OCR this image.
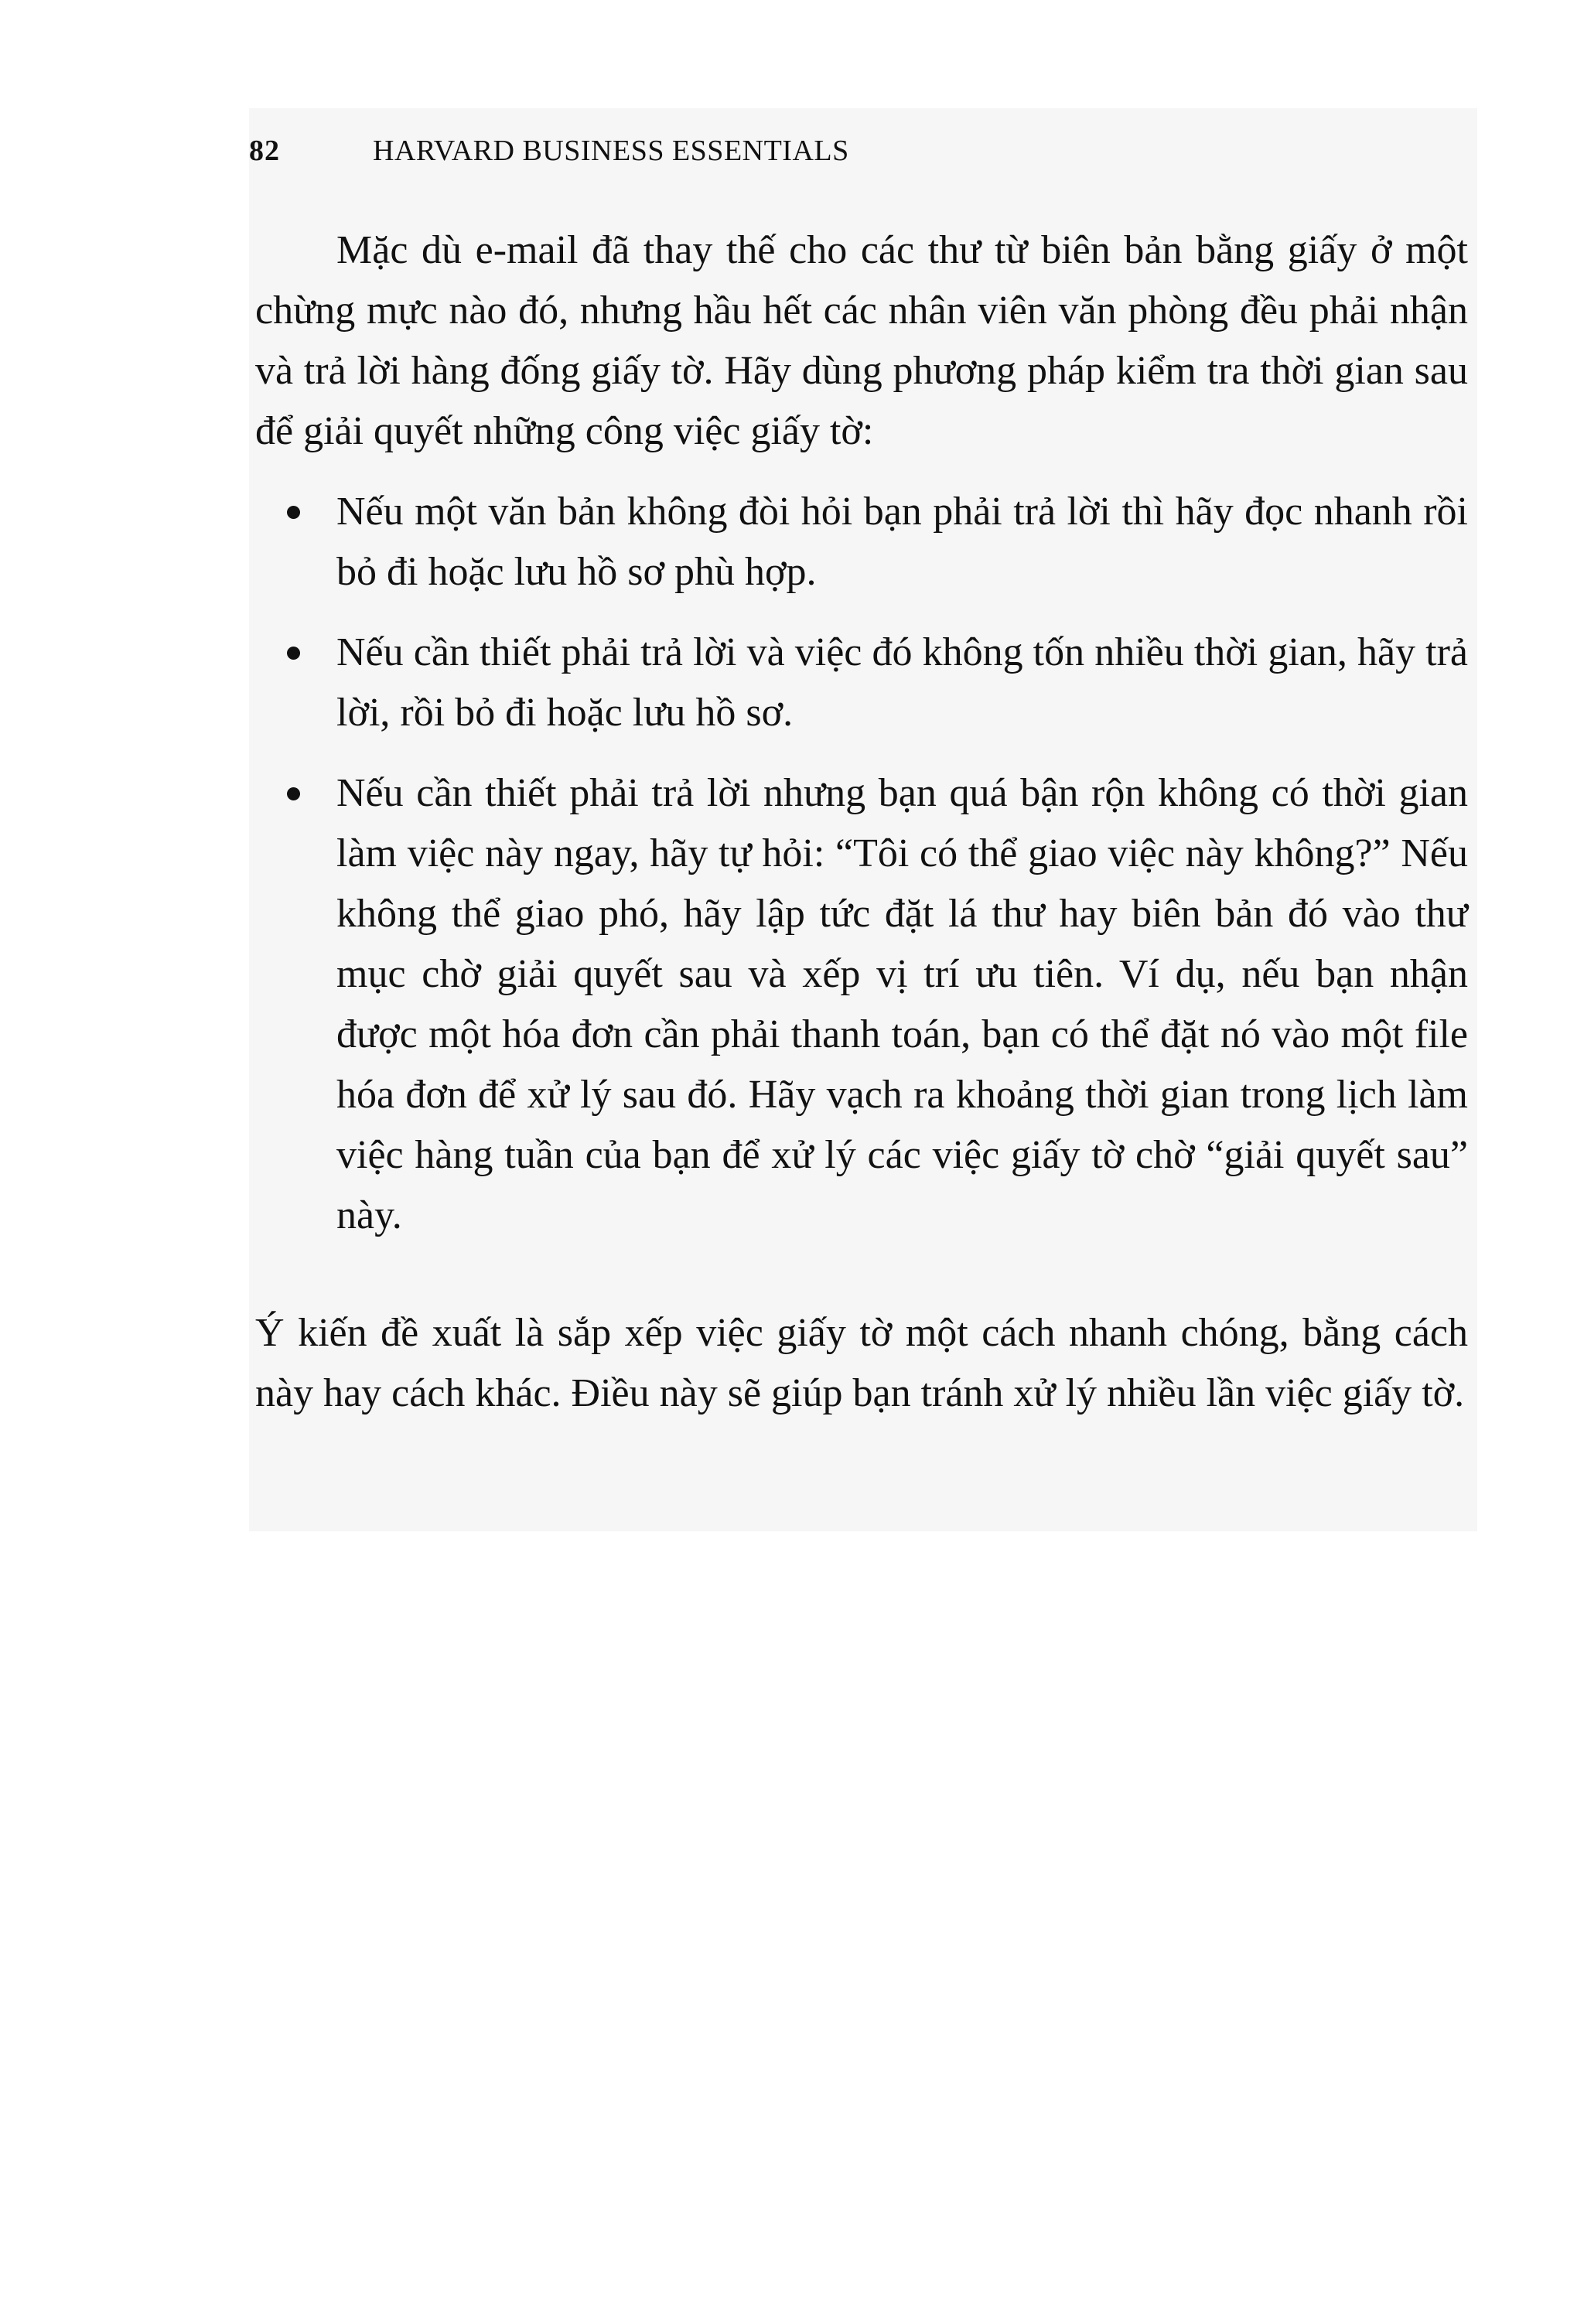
82	HARVARD BUSINESS ESSENTIALS

Mặc dù e-mail đã thay thế cho các thư từ biên bản bằng giấy ở một chừng mực nào đó, nhưng hầu hết các nhân viên văn phòng đều phải nhận và trả lời hàng đống giấy tờ. Hãy dùng phương pháp kiểm tra thời gian sau để giải quyết những công việc giấy tờ:

Nếu một văn bản không đòi hỏi bạn phải trả lời thì hãy đọc nhanh rồi bỏ đi hoặc lưu hồ sơ phù hợp.
Nếu cần thiết phải trả lời và việc đó không tốn nhiều thời gian, hãy trả lời, rồi bỏ đi hoặc lưu hồ sơ.
Nếu cần thiết phải trả lời nhưng bạn quá bận rộn không có thời gian làm việc này ngay, hãy tự hỏi: “Tôi có thể giao việc này không?” Nếu không thể giao phó, hãy lập tức đặt lá thư hay biên bản đó vào thư mục chờ giải quyết sau và xếp vị trí ưu tiên. Ví dụ, nếu bạn nhận được một hóa đơn cần phải thanh toán, bạn có thể đặt nó vào một file hóa đơn để xử lý sau đó. Hãy vạch ra khoảng thời gian trong lịch làm việc hàng tuần của bạn để xử lý các việc giấy tờ chờ “giải quyết sau” này.

Ý kiến đề xuất là sắp xếp việc giấy tờ một cách nhanh chóng, bằng cách này hay cách khác. Điều này sẽ giúp bạn tránh xử lý nhiều lần việc giấy tờ.
